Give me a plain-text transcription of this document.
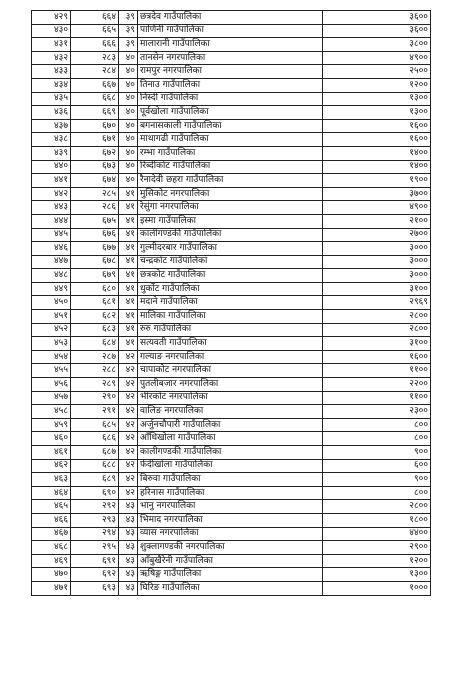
४२९	६६४	३९	छत्रदेव गाउँपालिका	३६००
४३०	६६५	३९	पाणिनी गाउँपालिका	३६००
४३१	६६६	३९	मालारानी गाउँपालिका	३८००
४३२	२८३	४०	तानसेन नगरपालिका	४९००
४३३	२८४	४०	रामपुर नगरपालिका	२५००
४३४	६६७	४०	तिनाउ गाउँपालिका	१२००
४३५	६६८	४०	निस्दी गाउँपालिका	१३००
४३६	६६९	४०	पूर्वखोला गाउँपालिका	१३००
४३७	६७०	४०	बगनासकाली गाउँपालिका	१६००
४३८	६७१	४०	माथागढी गाउँपालिका	१६००
४३९	६७२	४०	रम्भा गाउँपालिका	१४००
४४०	६७३	४०	रिब्दीकोट गाउँपालिका	१४००
४४१	६७४	४०	रैनादेवी छहरा गाउँपालिका	१९००
४४२	२८५	४१	मुसिकोट नगरपालिका	३७००
४४३	२८६	४१	रेसुंगा नगरपालिका	४९००
४४४	६७५	४१	इस्मा गाउँपालिका	२१००
४४५	६७६	४१	कालीगण्डकी गाउँपालिका	२७००
४४६	६७७	४१	गुल्मीदरबार गाउँपालिका	३०००
४४७	६७८	४१	चन्द्रकोट गाउँपालिका	३०००
४४८	६७९	४१	छत्रकोट गाउँपालिका	३०००
४४९	६८०	४१	धुर्कोट गाउँपालिका	३१००
४५०	६८१	४१	मदाने गाउँपालिका	२९६९
४५१	६८२	४१	मालिका गाउँपालिका	२८००
४५२	६८३	४१	रुरु गाउँपालिका	२८००
४५३	६८४	४१	सत्यवती गाउँपालिका	३१००
४५४	२८७	४२	गल्याङ नगरपालिका	१६००
४५५	२८८	४२	चापाकोट नगरपालिका	११००
४५६	२८९	४२	पुतलीबजार नगरपालिका	२२००
४५७	२९०	४२	भीरकोट नगरपालिका	११००
४५८	२९१	४२	वालिङ नगरपालिका	२३००
४५९	६८५	४२	अर्जुनचौपारी गाउँपालिका	८००
४६०	६८६	४२	आँधिखोला गाउँपालिका	८००
४६१	६८७	४२	कालीगण्डकी गाउँपालिका	९००
४६२	६८८	४२	फेदीखोला गाउँपालिका	६००
४६३	६८९	४२	बिरुवा गाउँपालिका	९००
४६४	६९०	४२	हरिनास गाउँपालिका	८००
४६५	२९२	४३	भानु नगरपालिका	२८००
४६६	२९३	४३	भिमाद नगरपालिका	१८००
४६७	२९४	४३	व्यास नगरपालिका	४४००
४६८	२९५	४३	शुक्लागण्डकी नगरपालिका	२९००
४६९	६९१	४३	आँबुखैरेनी गाउँपालिका	१२००
४७०	६९२	४३	ऋषिङ्ग गाउँपालिका	१३००
४७१	६९३	४३	घिरिङ गाउँपालिका	१०००
